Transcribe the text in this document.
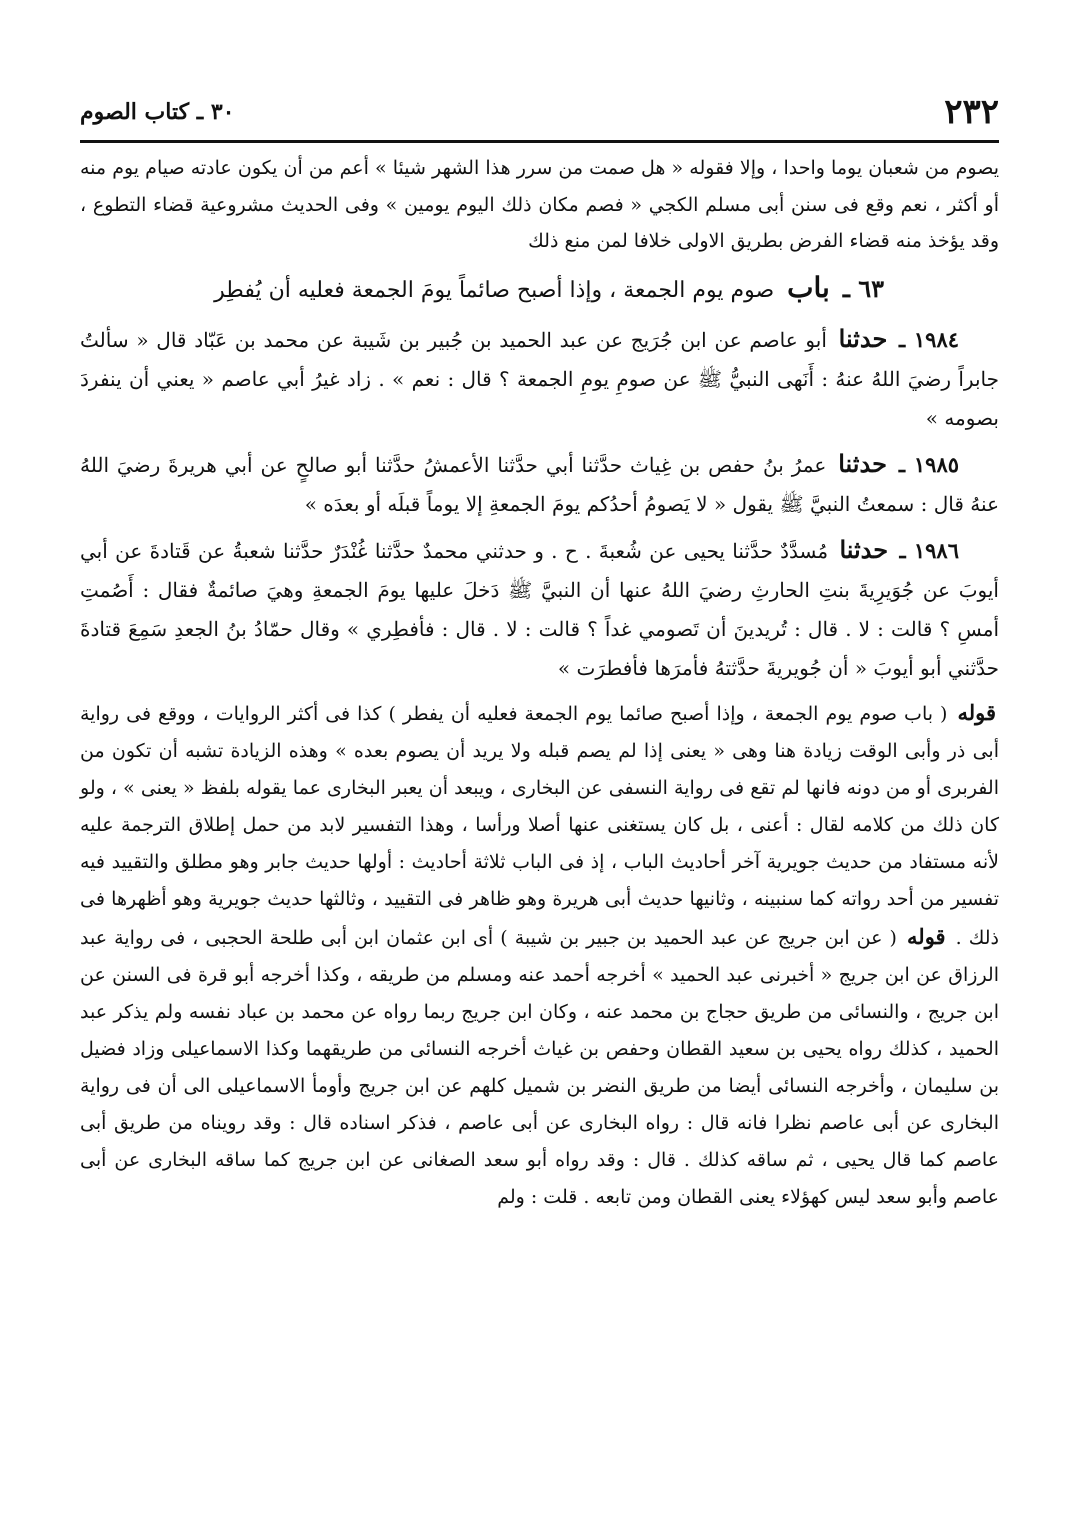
٢٣٢
٣٠ ـ كتاب الصوم

يصوم من شعبان يوما واحدا ، وإلا فقوله « هل صمت من سرر هذا الشهر شيئا » أعم من أن يكون عادته صيام يوم منه أو أكثر ، نعم وقع فى سنن أبى مسلم الكجي « فصم مكان ذلك اليوم يومين » وفى الحديث مشروعية قضاء التطوع ، وقد يؤخذ منه قضاء الفرض بطريق الاولى خلافا لمن منع ذلك

٦٣ ـ باب صوم يوم الجمعة ، وإذا أصبح صائماً يومَ الجمعة فعليه أن يُفطِر

١٩٨٤ ـ حدثنا أبو عاصم عن ابن جُرَيج عن عبد الحميد بن جُبير بن شَيبة عن محمد بن عَبّاد قال « سألتُ جابراً رضيَ اللهُ عنهُ : أَنَهى النبيُّ ﷺ عن صومِ يومِ الجمعة ؟ قال : نعم » . زاد غيرُ أبي عاصم « يعني أن ينفردَ بصومه »

١٩٨٥ ـ حدثنا عمرُ بنُ حفص بن غِياث حدَّثنا أبي حدَّثنا الأعمشُ حدَّثنا أبو صالحٍ عن أبي هريرةَ رضيَ اللهُ عنهُ قال : سمعتُ النبيَّ ﷺ يقول « لا يَصومُ أحدُكم يومَ الجمعةِ إلا يوماً قبلَه أو بعدَه »

١٩٨٦ ـ حدثنا مُسدَّدٌ حدَّثنا يحيى عن شُعبةَ . ح . و حدثني محمدٌ حدَّثنا غُنْدَرٌ حدَّثنا شعبةُ عن قَتادةَ عن أبي أيوبَ عن جُوَيرِيةَ بنتِ الحارثِ رضيَ اللهُ عنها أن النبيَّ ﷺ دَخلَ عليها يومَ الجمعةِ وهيَ صائمةٌ فقال : أَصُمتِ أمسِ ؟ قالت : لا . قال : تُريدينَ أن تَصومي غداً ؟ قالت : لا . قال : فأفطِري » وقال حمّادُ بنُ الجعدِ سَمِعَ قتادةَ حدَّثني أبو أيوبَ « أن جُويريةَ حدَّثتهُ فأمرَها فأفطرَت »

قوله ( باب صوم يوم الجمعة ، وإذا أصبح صائما يوم الجمعة فعليه أن يفطر ) كذا فى أكثر الروايات ، ووقع فى رواية أبى ذر وأبى الوقت زيادة هنا وهى « يعنى إذا لم يصم قبله ولا يريد أن يصوم بعده » وهذه الزيادة تشبه أن تكون من الفربرى أو من دونه فانها لم تقع فى رواية النسفى عن البخارى ، ويبعد أن يعبر البخارى عما يقوله بلفظ « يعنى » ، ولو كان ذلك من كلامه لقال : أعنى ، بل كان يستغنى عنها أصلا ورأسا ، وهذا التفسير لابد من حمل إطلاق الترجمة عليه لأنه مستفاد من حديث جويرية آخر أحاديث الباب ، إذ فى الباب ثلاثة أحاديث : أولها حديث جابر وهو مطلق والتقييد فيه تفسير من أحد رواته كما سنبينه ، وثانيها حديث أبى هريرة وهو ظاهر فى التقييد ، وثالثها حديث جويرية وهو أظهرها فى ذلك . قوله ( عن ابن جريج عن عبد الحميد بن جبير بن شيبة ) أى ابن عثمان ابن أبى طلحة الحجبى ، فى رواية عبد الرزاق عن ابن جريج « أخبرنى عبد الحميد » أخرجه أحمد عنه ومسلم من طريقه ، وكذا أخرجه أبو قرة فى السنن عن ابن جريج ، والنسائى من طريق حجاج بن محمد عنه ، وكان ابن جريج ربما رواه عن محمد بن عباد نفسه ولم يذكر عبد الحميد ، كذلك رواه يحيى بن سعيد القطان وحفص بن غياث أخرجه النسائى من طريقهما وكذا الاسماعيلى وزاد فضيل بن سليمان ، وأخرجه النسائى أيضا من طريق النضر بن شميل كلهم عن ابن جريج وأومأ الاسماعيلى الى أن فى رواية البخارى عن أبى عاصم نظرا فانه قال : رواه البخارى عن أبى عاصم ، فذكر اسناده قال : وقد رويناه من طريق أبى عاصم كما قال يحيى ، ثم ساقه كذلك . قال : وقد رواه أبو سعد الصغانى عن ابن جريج كما ساقه البخارى عن أبى عاصم وأبو سعد ليس كهؤلاء يعنى القطان ومن تابعه . قلت : ولم
